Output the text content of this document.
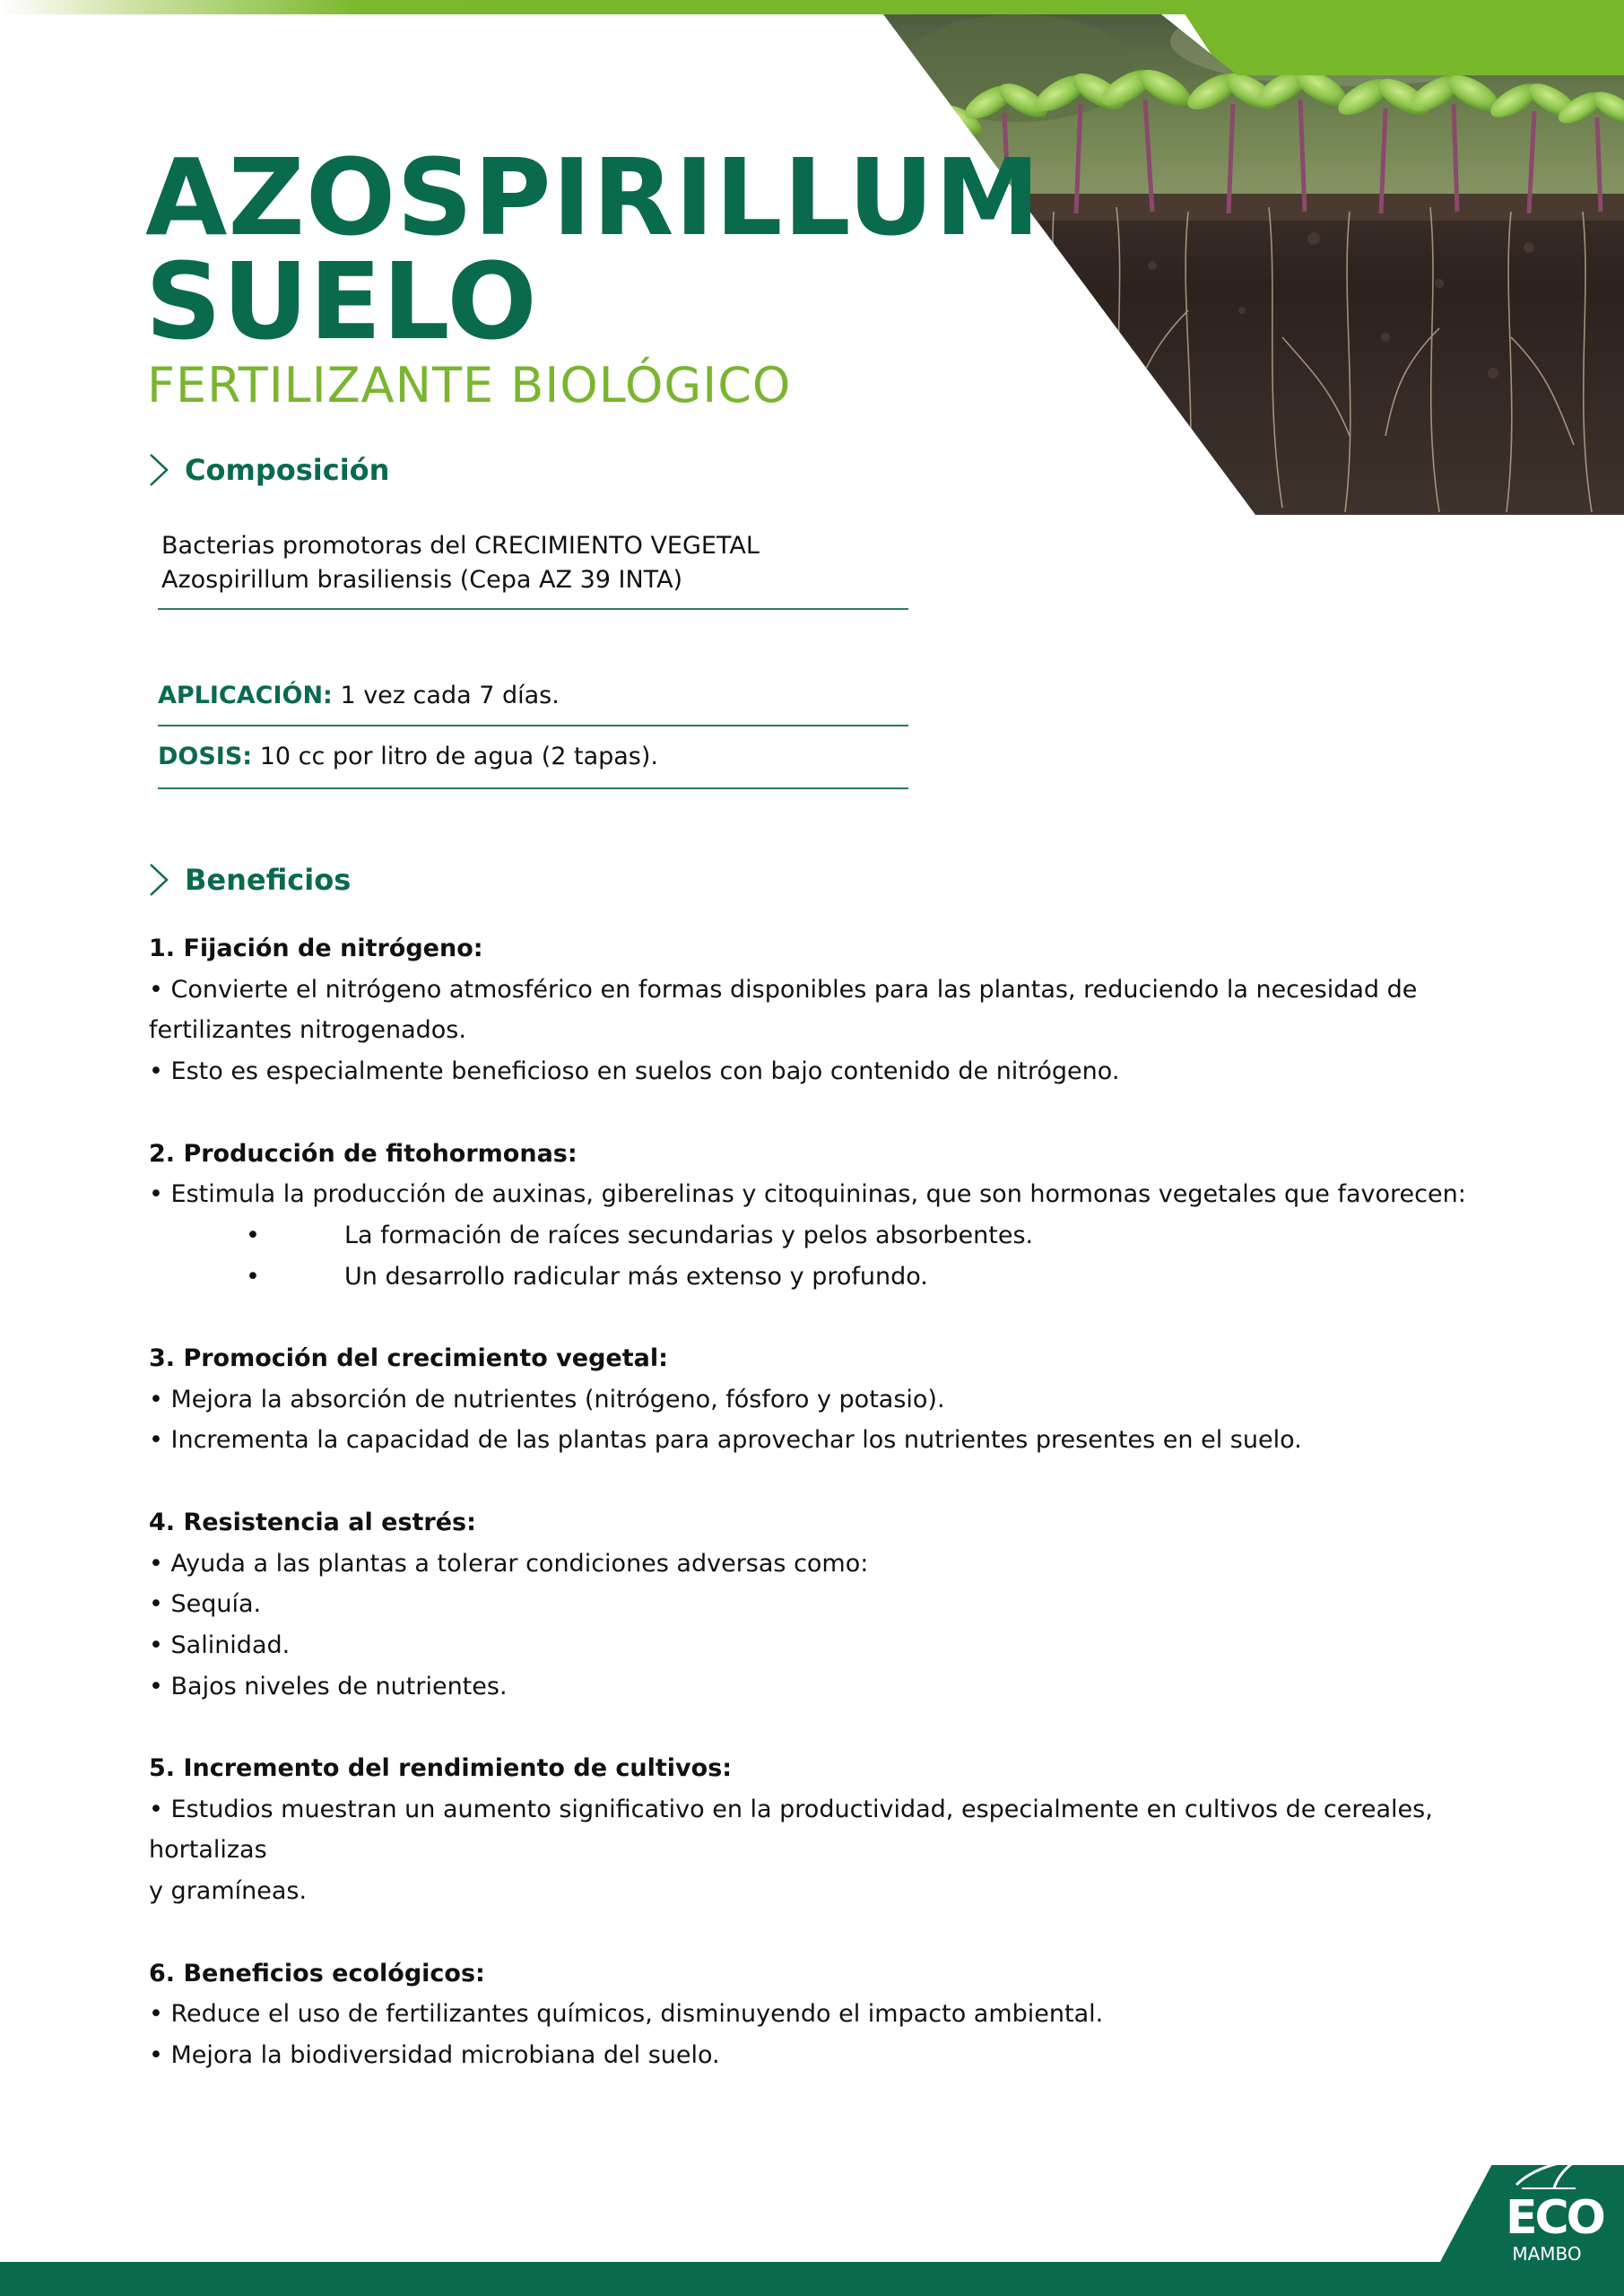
AZOSPIRILLUM
SUELO
FERTILIZANTE BIOLÓGICO
Composición
Bacterias promotoras del CRECIMIENTO VEGETAL
Azospirillum brasiliensis (Cepa AZ 39 INTA)
APLICACIÓN: 1 vez cada 7 días.
DOSIS: 10 cc por litro de agua (2 tapas).
Beneficios
1. Fijación de nitrógeno:
• Convierte el nitrógeno atmosférico en formas disponibles para las plantas, reduciendo la necesidad de
fertilizantes nitrogenados.
• Esto es especialmente beneficioso en suelos con bajo contenido de nitrógeno.
2. Producción de fitohormonas:
• Estimula la producción de auxinas, giberelinas y citoquininas, que son hormonas vegetales que favorecen:
•	La formación de raíces secundarias y pelos absorbentes.
•	Un desarrollo radicular más extenso y profundo.
3. Promoción del crecimiento vegetal:
• Mejora la absorción de nutrientes (nitrógeno, fósforo y potasio).
• Incrementa la capacidad de las plantas para aprovechar los nutrientes presentes en el suelo.
4. Resistencia al estrés:
• Ayuda a las plantas a tolerar condiciones adversas como:
• Sequía.
• Salinidad.
• Bajos niveles de nutrientes.
5. Incremento del rendimiento de cultivos:
• Estudios muestran un aumento significativo en la productividad, especialmente en cultivos de cereales, hortalizas
y gramíneas.
6. Beneficios ecológicos:
• Reduce el uso de fertilizantes químicos, disminuyendo el impacto ambiental.
• Mejora la biodiversidad microbiana del suelo.
ECO
MAMBO
